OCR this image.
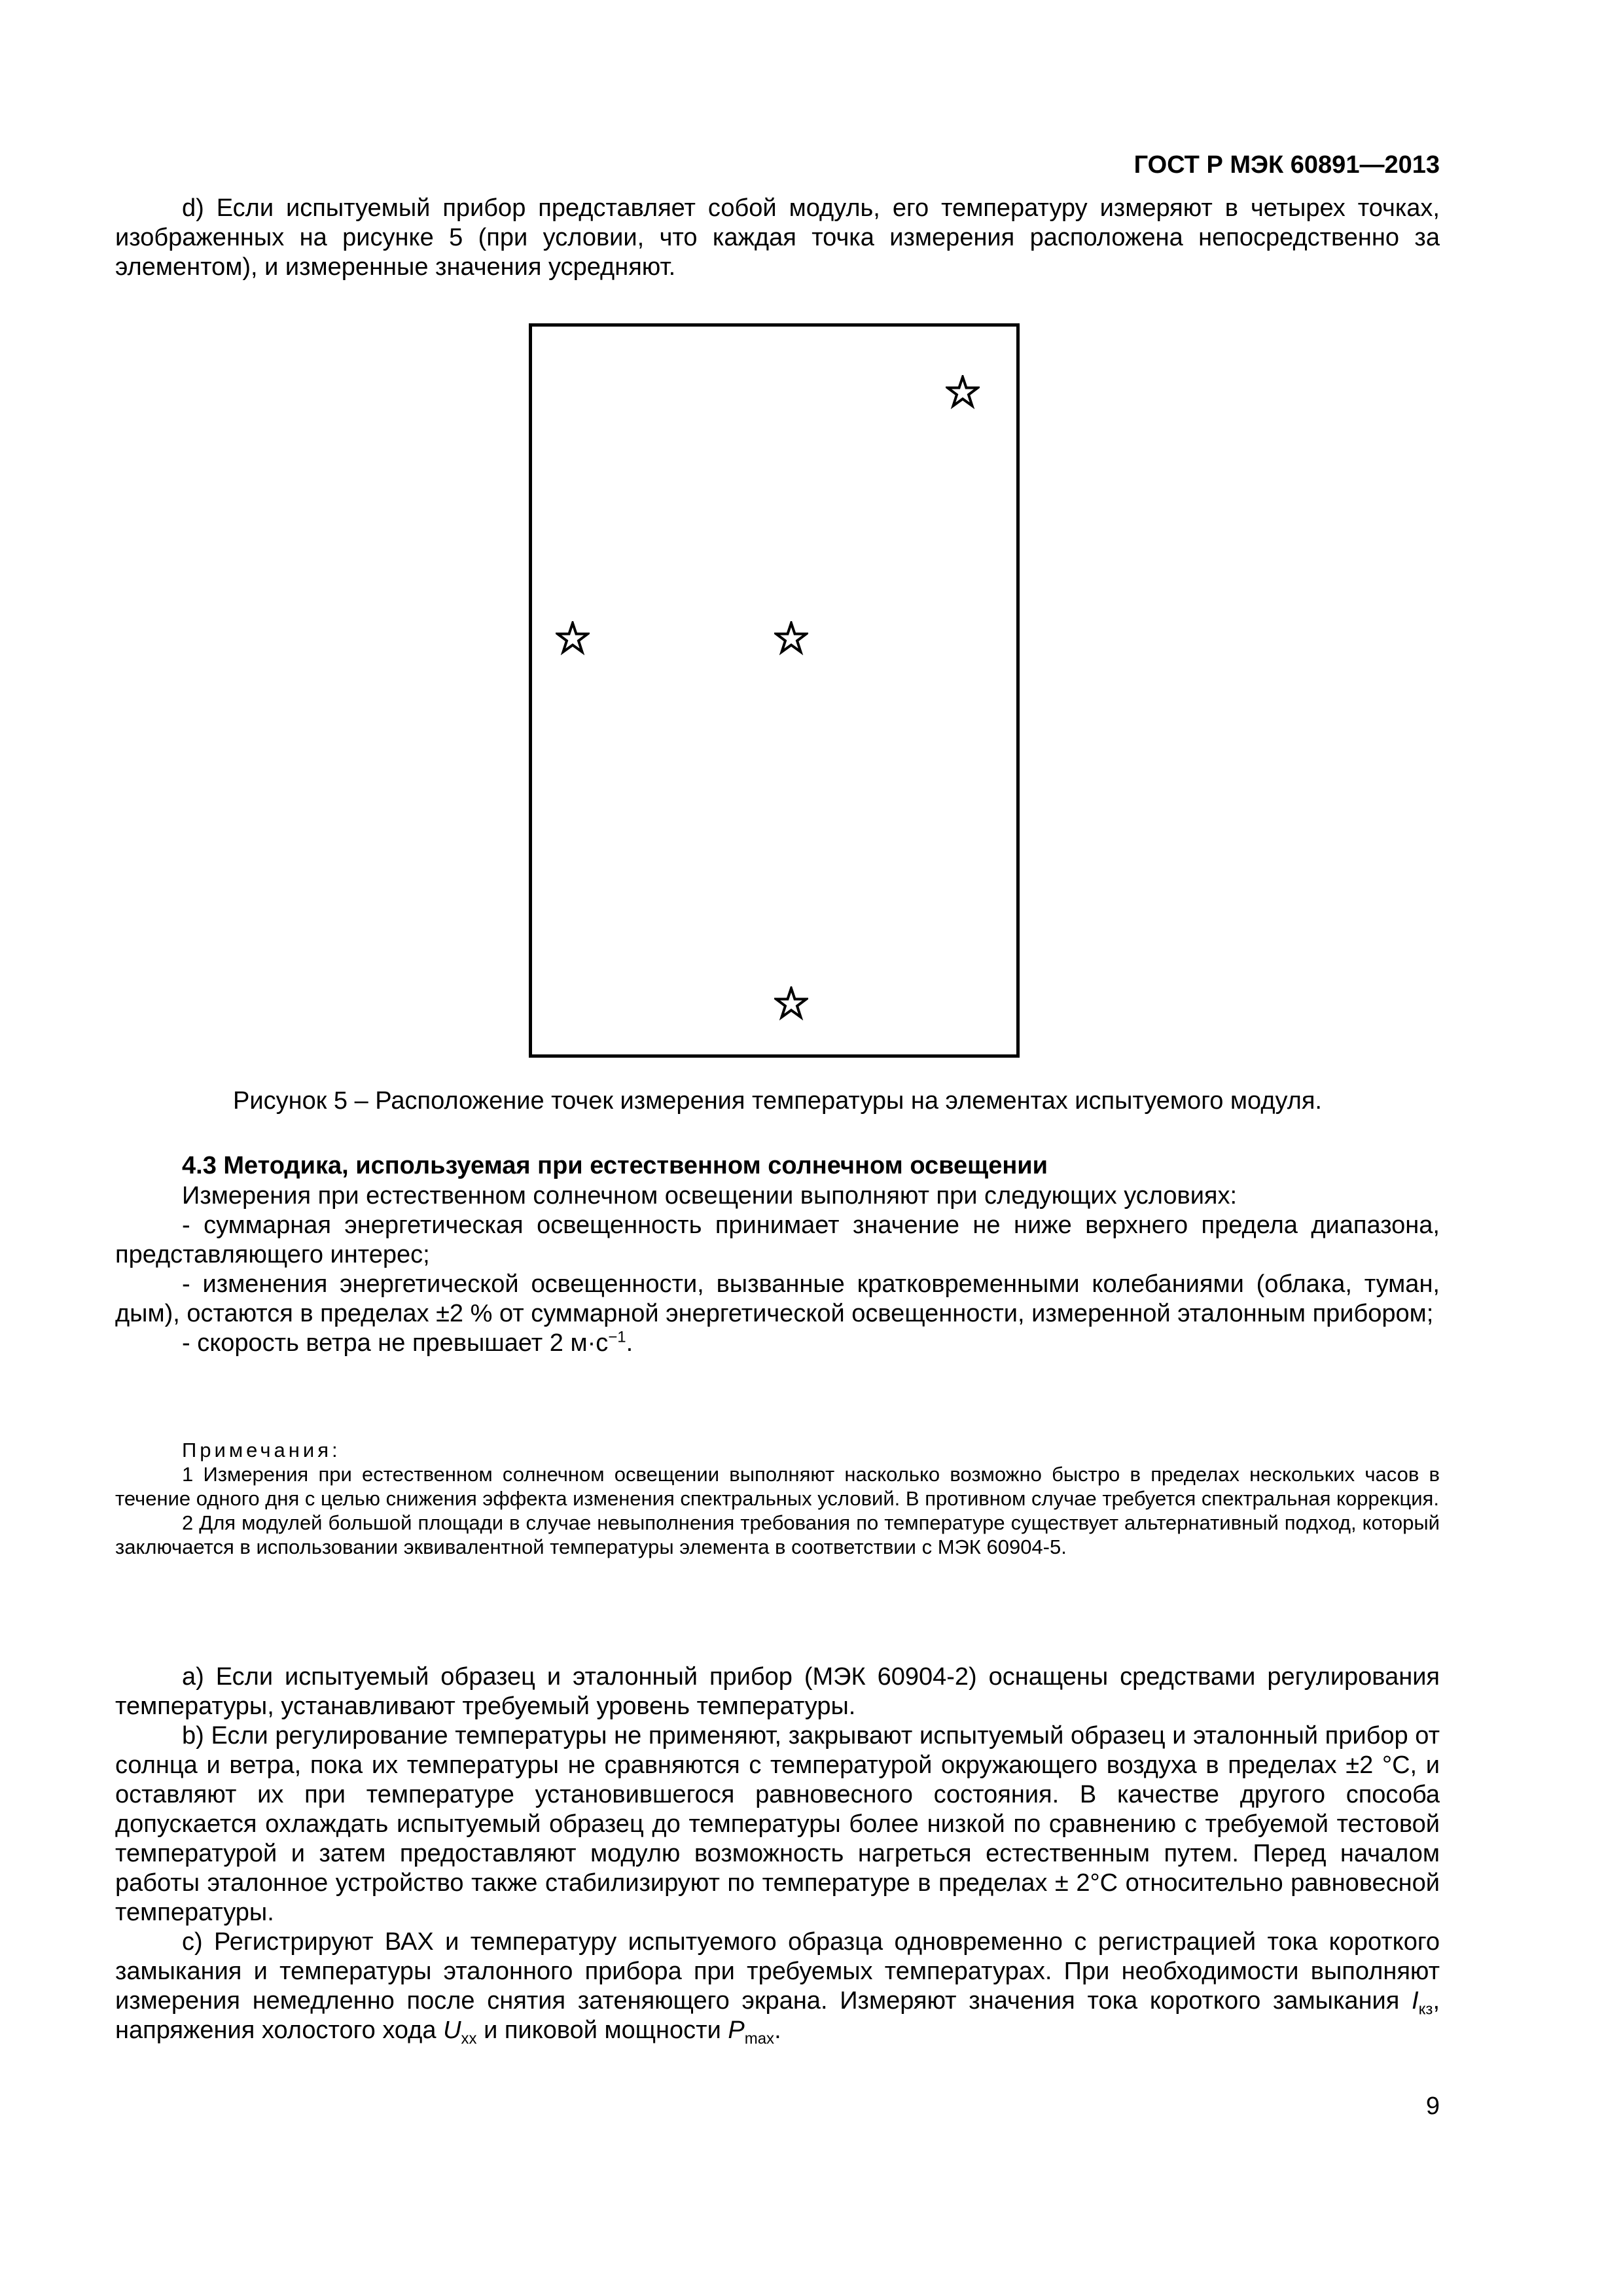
ГОСТ Р МЭК 60891—2013

d) Если испытуемый прибор представляет собой модуль, его температуру измеряют в четырех точках, изображенных на рисунке 5 (при условии, что каждая точка измерения расположена непосредственно за элементом), и измеренные значения усредняют.

Рисунок 5 – Расположение точек измерения температуры на элементах испытуемого модуля.
4.3 Методика, используемая при естественном солнечном освещении

Измерения при естественном солнечном освещении выполняют при следующих условиях:

- суммарная энергетическая освещенность принимает значение не ниже верхнего предела диапазона, представляющего интерес;

- изменения энергетической освещенности, вызванные кратковременными колебаниями (облака, туман, дым), остаются в пределах ±2 % от суммарной энергетической освещенности, измеренной эталонным прибором;

- скорость ветра не превышает 2 $м\cdot с^{-1}$.

Примечания:

1 Измерения при естественном солнечном освещении выполняют насколько возможно быстро в пределах нескольких часов в течение одного дня с целью снижения эффекта изменения спектральных условий. В противном случае требуется спектральная коррекция.

2 Для модулей большой площади в случае невыполнения требования по температуре существует альтернативный подход, который заключается в использовании эквивалентной температуры элемента в соответствии с МЭК 60904-5.

а) Если испытуемый образец и эталонный прибор (МЭК 60904-2) оснащены средствами регулирования температуры, устанавливают требуемый уровень температуры.

b) Если регулирование температуры не применяют, закрывают испытуемый образец и эталонный прибор от солнца и ветра, пока их температуры не сравняются с температурой окружающего воздуха в пределах ±2 °С, и оставляют их при температуре установившегося равновесного состояния. В качестве другого способа допускается охлаждать испытуемый образец до температуры более низкой по сравнению с требуемой тестовой температурой и затем предоставляют модулю возможность нагреться естественным путем. Перед началом работы эталонное устройство также стабилизируют по температуре в пределах ± 2°С относительно равновесной температуры.

с) Регистрируют ВАХ и температуру испытуемого образца одновременно с регистрацией тока короткого замыкания и температуры эталонного прибора при требуемых температурах. При необходимости выполняют измерения немедленно после снятия затеняющего экрана. Измеряют значения тока короткого замыкания $I_{кз}$, напряжения холостого хода $U_{хх}$ и пиковой мощности $P_{max}$.

9
